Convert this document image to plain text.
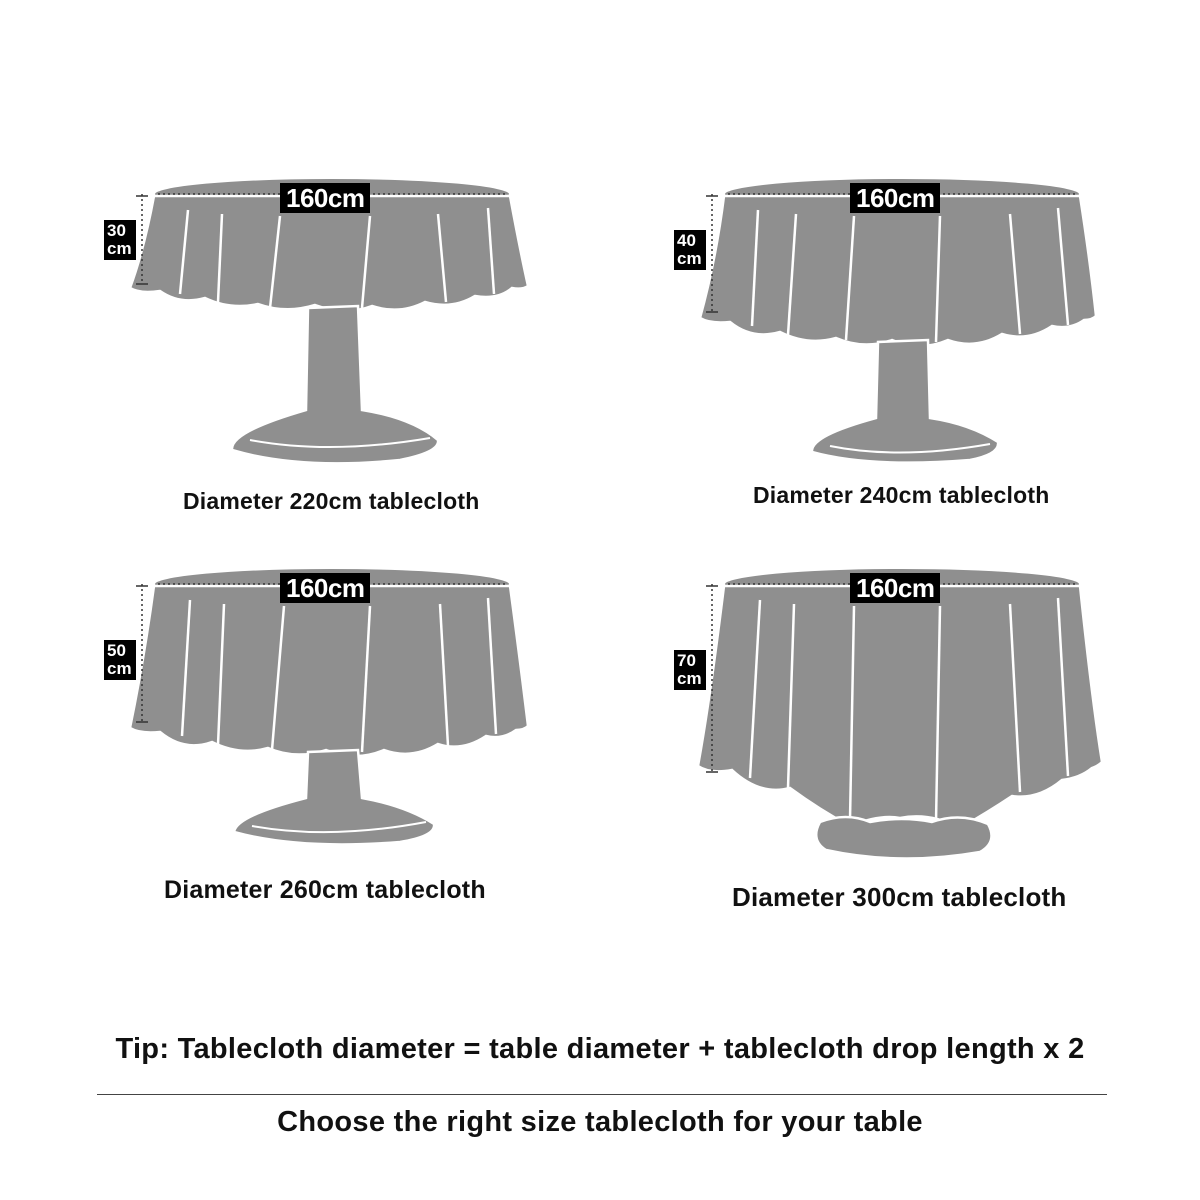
160cm
30
cm
Diameter 220cm tablecloth
160cm
40
cm
Diameter 240cm tablecloth
160cm
50
cm
Diameter 260cm tablecloth
160cm
70
cm
Diameter 300cm tablecloth
Tip: Tablecloth diameter = table diameter + tablecloth drop length x 2
Choose the right size tablecloth for your table
